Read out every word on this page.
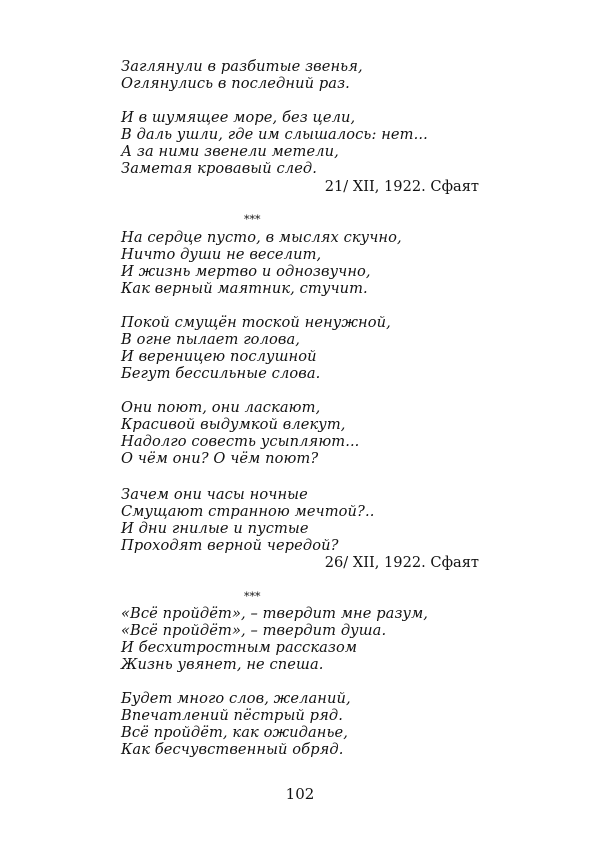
Заглянули в разбитые звенья,
Оглянулись в последний раз.
И в шумящее море, без цели,
В даль ушли, где им слышалось: нет...
А за ними звенели метели,
Заметая кровавый след.
21/ XII, 1922. Сфаят
***
На сердце пусто, в мыслях скучно,
Ничто души не веселит,
И жизнь мертво и однозвучно,
Как верный маятник, стучит.
Покой смущён тоской ненужной,
В огне пылает голова,
И вереницею послушной
Бегут бессильные слова.
Они поют, они ласкают,
Красивой выдумкой влекут,
Надолго совесть усыпляют...
О чём они? О чём поют?
Зачем они часы ночные
Смущают странною мечтой?..
И дни гнилые и пустые
Проходят верной чередой?
26/ XII, 1922. Сфаят
***
«Всё пройдёт», – твердит мне разум,
«Всё пройдёт», – твердит душа.
И бесхитростным рассказом
Жизнь увянет, не спеша.
Будет много слов, желаний,
Впечатлений пёстрый ряд.
Всё пройдёт, как ожиданье,
Как бесчувственный обряд.
102
